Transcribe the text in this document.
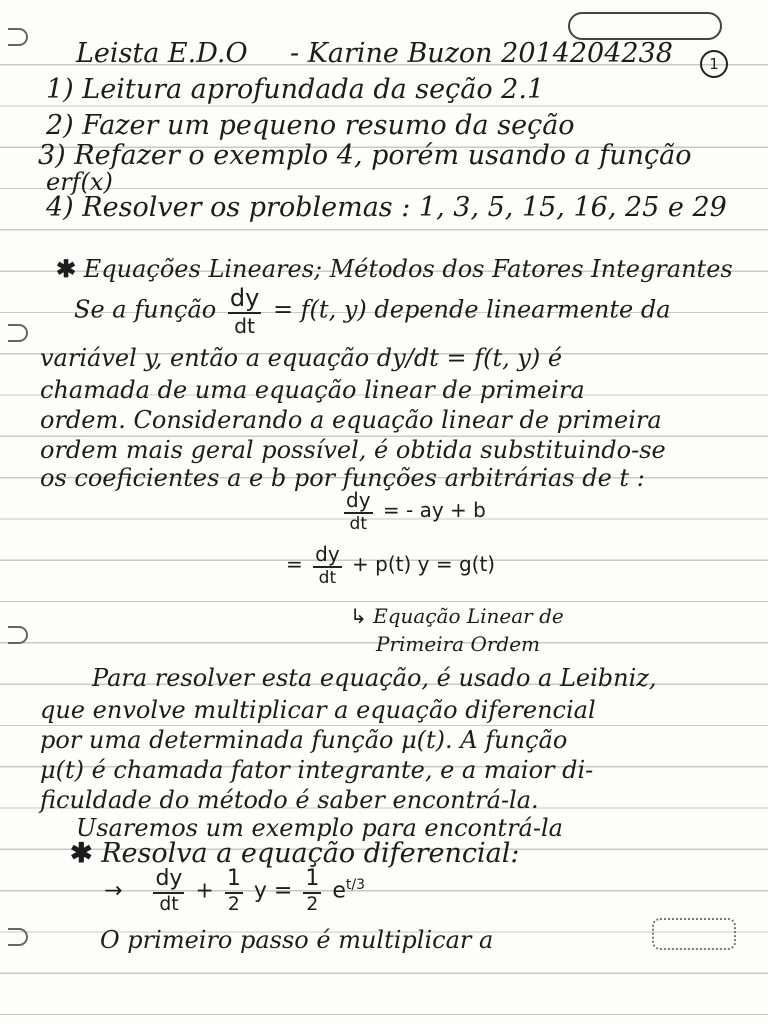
Leista E.D.O - Karine Buzon 2014204238	1
1) Leitura aprofundada da seção 2.1
2) Fazer um pequeno resumo da seção
3) Refazer o exemplo 4, porém usando a função
erf(x)
4) Resolver os problemas : 1, 3, 5, 15, 16, 25 e 29
✱ Equações Lineares; Métodos dos Fatores Integrantes
Se a função $\frac{dy}{dt} = f(t$, y) depende linearmente da
variável y, então a equação dy/dt = f(t, y) é
chamada de uma equação linear de primeira
ordem. Considerando a equação linear de primeira
ordem mais geral possível, é obtida substituindo-se
os coeficientes a e b por funções arbitrárias de t :
$\frac{dy}{dt}$ = - ay + b
= $\frac{dy}{dt} + p(t) y = g(t)$
↳ Equação Linear de
Primeira Ordem
Para resolver esta equação, é usado a Leibniz,
que envolve multiplicar a equação diferencial
por uma determinada função μ(t). A função
μ(t) é chamada fator integrante, e a maior di-
ficuldade do método é saber encontrá-la.
Usaremos um exemplo para encontrá-la
✱ Resolva a equação diferencial:
→ $\frac{dy}{dt} + \frac{1}{2}$ $y = \frac{1}{2} e^{t/3}$
O primeiro passo é multiplicar a
